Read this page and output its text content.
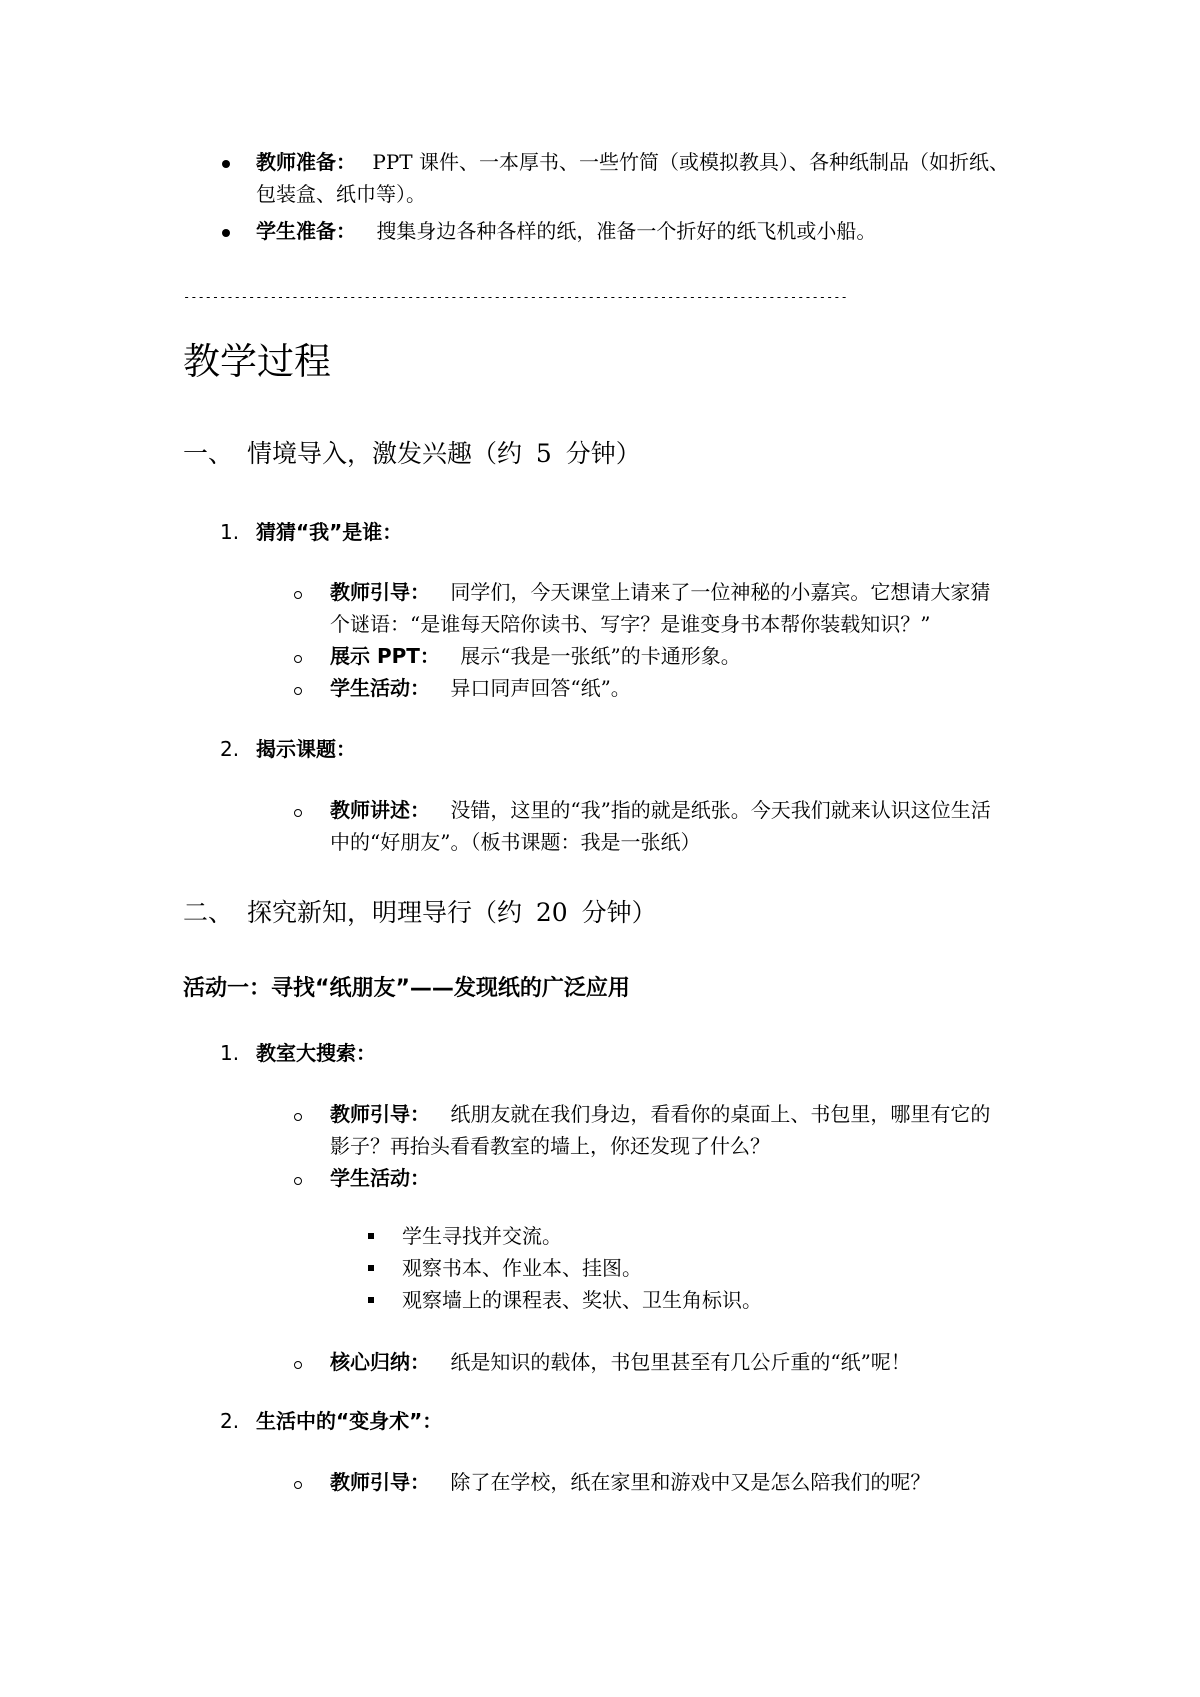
教师准备： PPT 课件、一本厚书、一些竹简（或模拟教具）、各种纸制品（如折纸、
包装盒、纸巾等）。
学生准备： 搜集身边各种各样的纸，准备一个折好的纸飞机或小船。
--------------------------------------------------------------------------------------------
教学过程
一、 情境导入，激发兴趣（约 5 分钟）
1. 猜猜“我”是谁：
教师引导： 同学们，今天课堂上请来了一位神秘的小嘉宾。它想请大家猜
个谜语：“是谁每天陪你读书、写字？是谁变身书本帮你装载知识？”
展示 PPT： 展示“我是一张纸”的卡通形象。
学生活动： 异口同声回答“纸”。
2. 揭示课题：
教师讲述： 没错，这里的“我”指的就是纸张。今天我们就来认识这位生活
中的“好朋友”。（板书课题：我是一张纸）
二、 探究新知，明理导行（约 20 分钟）
活动一：寻找“纸朋友”——发现纸的广泛应用
1. 教室大搜索：
教师引导： 纸朋友就在我们身边，看看你的桌面上、书包里，哪里有它的
影子？再抬头看看教室的墙上，你还发现了什么？
学生活动：
学生寻找并交流。
观察书本、作业本、挂图。
观察墙上的课程表、奖状、卫生角标识。
核心归纳： 纸是知识的载体，书包里甚至有几公斤重的“纸”呢！
2. 生活中的“变身术”：
教师引导： 除了在学校，纸在家里和游戏中又是怎么陪我们的呢？
